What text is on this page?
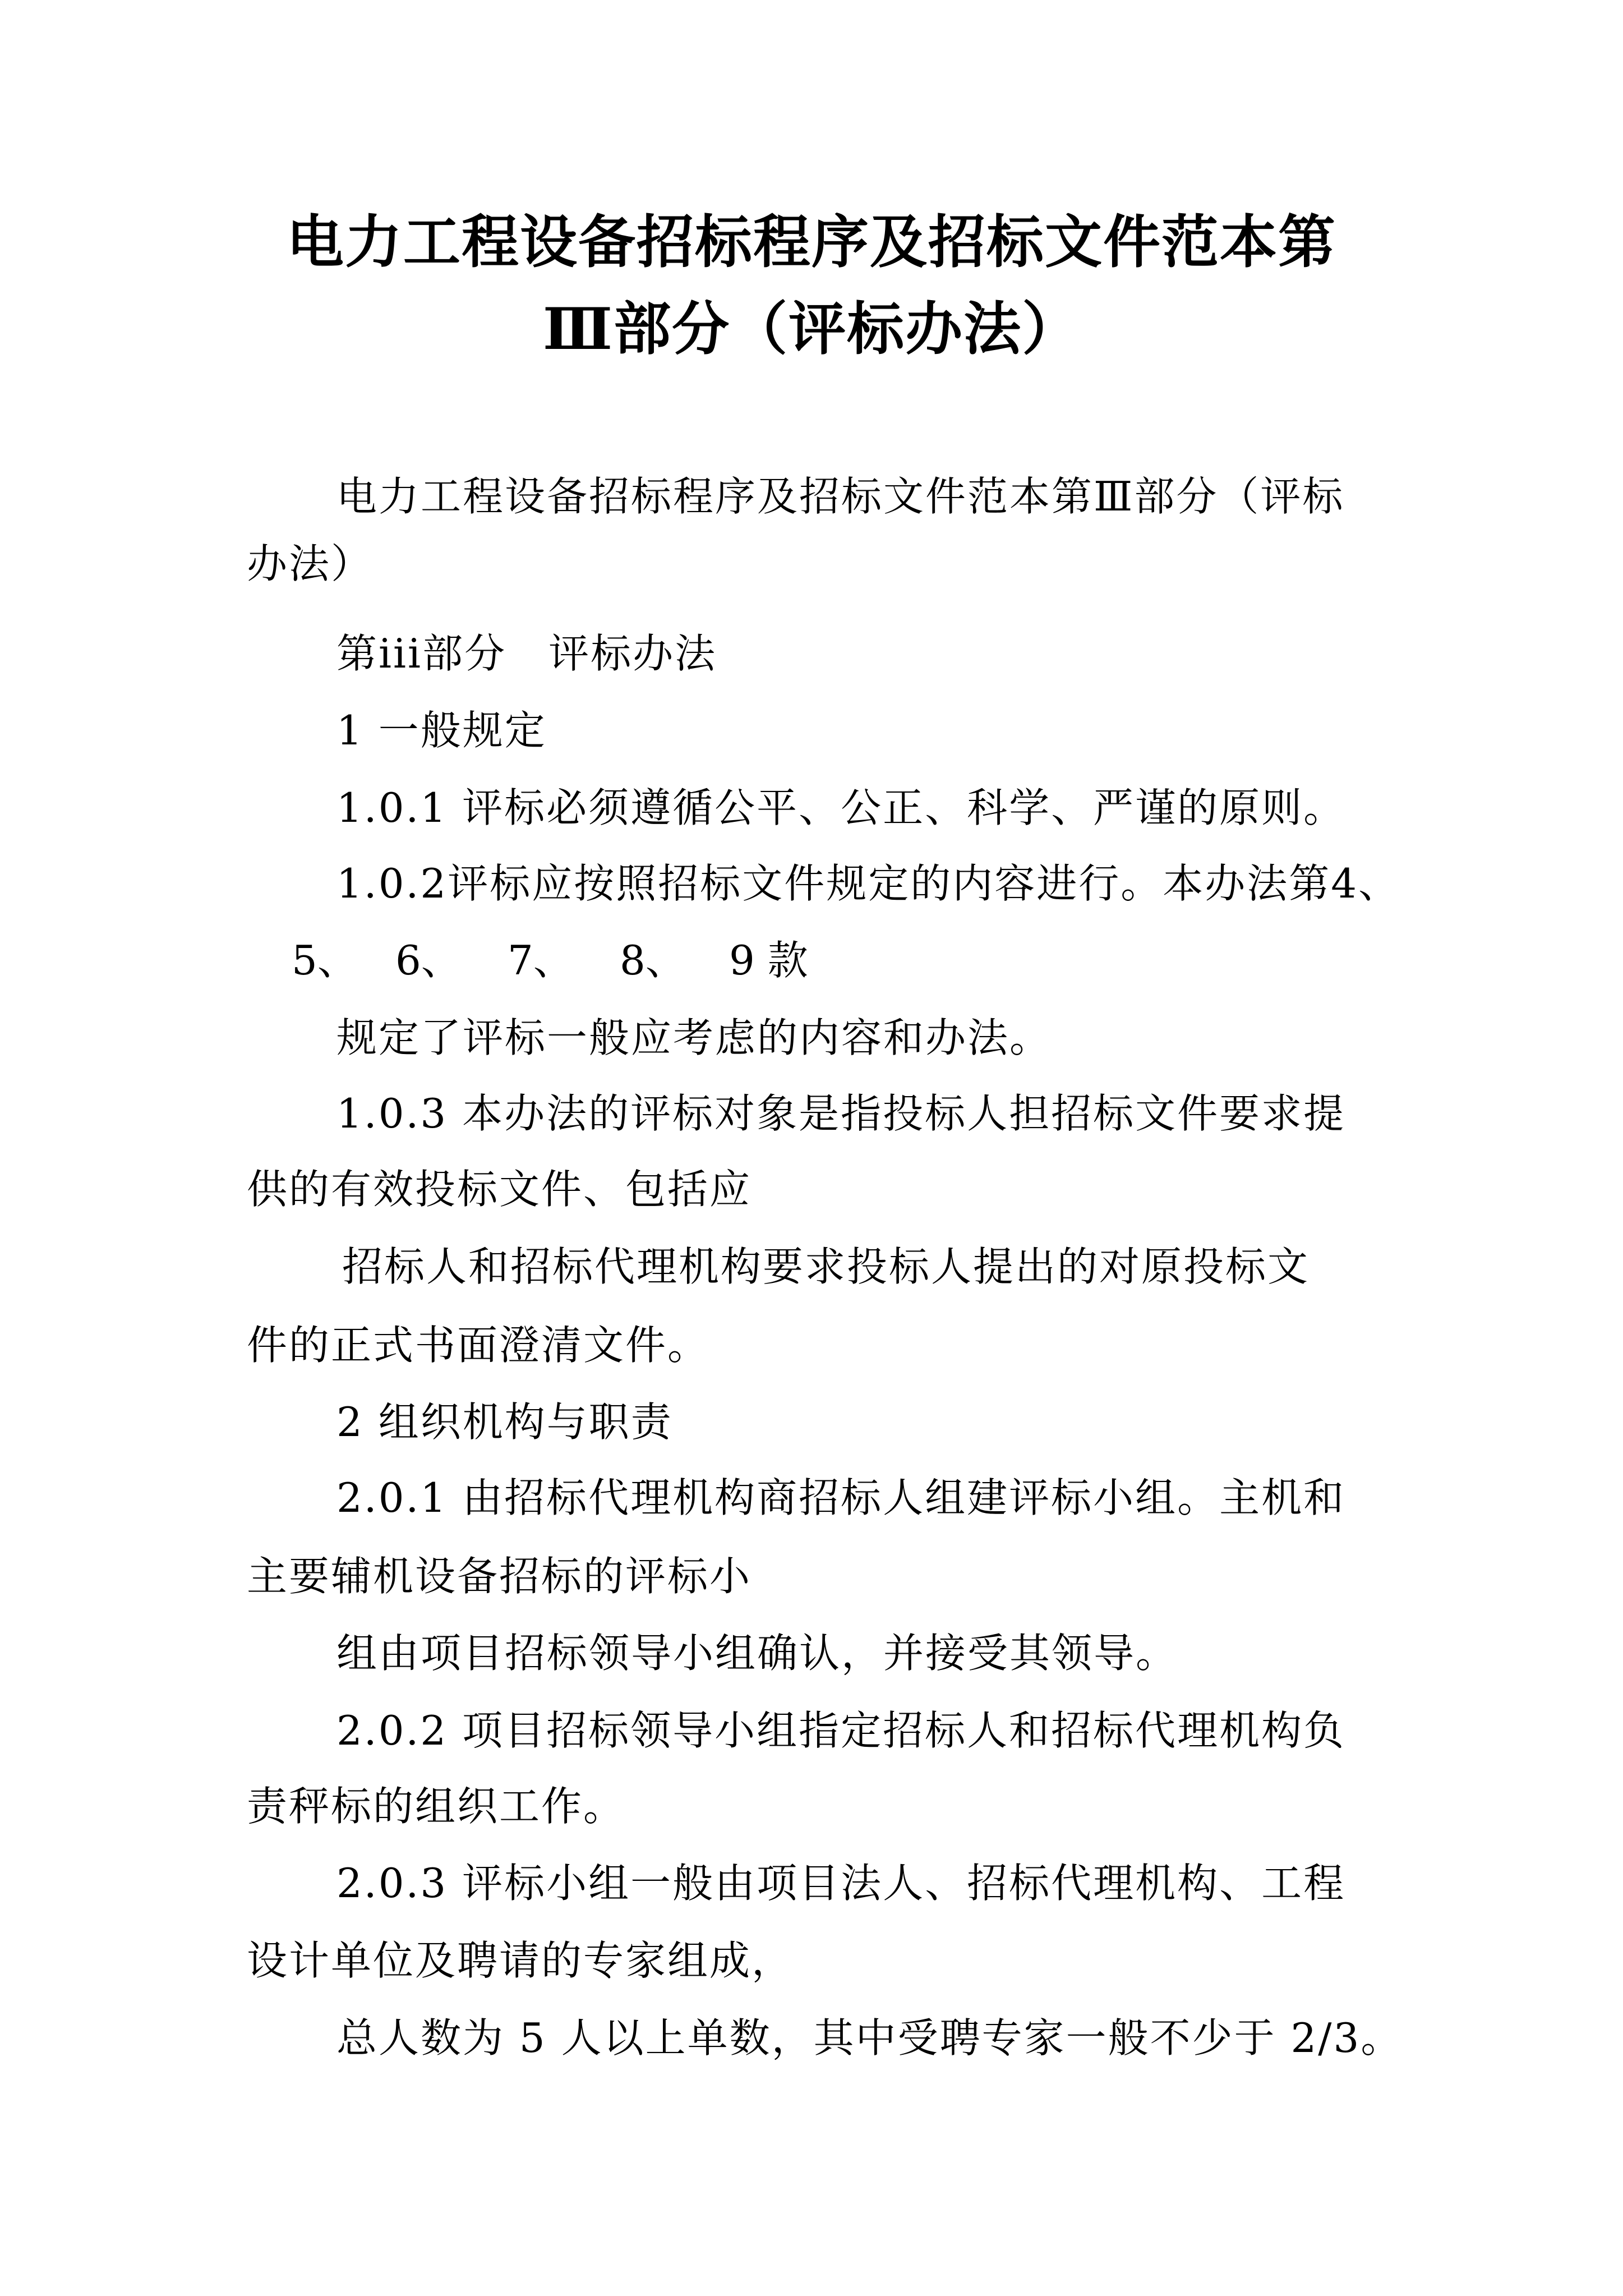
电力工程设备招标程序及招标文件范本第
Ⅲ部分（评标办法）
电力工程设备招标程序及招标文件范本第Ⅲ部分（评标
办法）
第iii部分　评标办法
1 一般规定
1.0.1 评标必须遵循公平、公正、科学、严谨的原则。
1.0.2评标应按照招标文件规定的内容进行。本办法第4、
5、 6、 7、 8、 9 款
规定了评标一般应考虑的内容和办法。
1.0.3 本办法的评标对象是指投标人担招标文件要求提
供的有效投标文件、包括应
招标人和招标代理机构要求投标人提出的对原投标文
件的正式书面澄清文件。
2 组织机构与职责
2.0.1 由招标代理机构商招标人组建评标小组。主机和
主要辅机设备招标的评标小
组由项目招标领导小组确认，并接受其领导。
2.0.2 项目招标领导小组指定招标人和招标代理机构负
责秤标的组织工作。
2.0.3 评标小组一般由项目法人、招标代理机构、工程
设计单位及聘请的专家组成，
总人数为 5 人以上单数，其中受聘专家一般不少于 2/3。
